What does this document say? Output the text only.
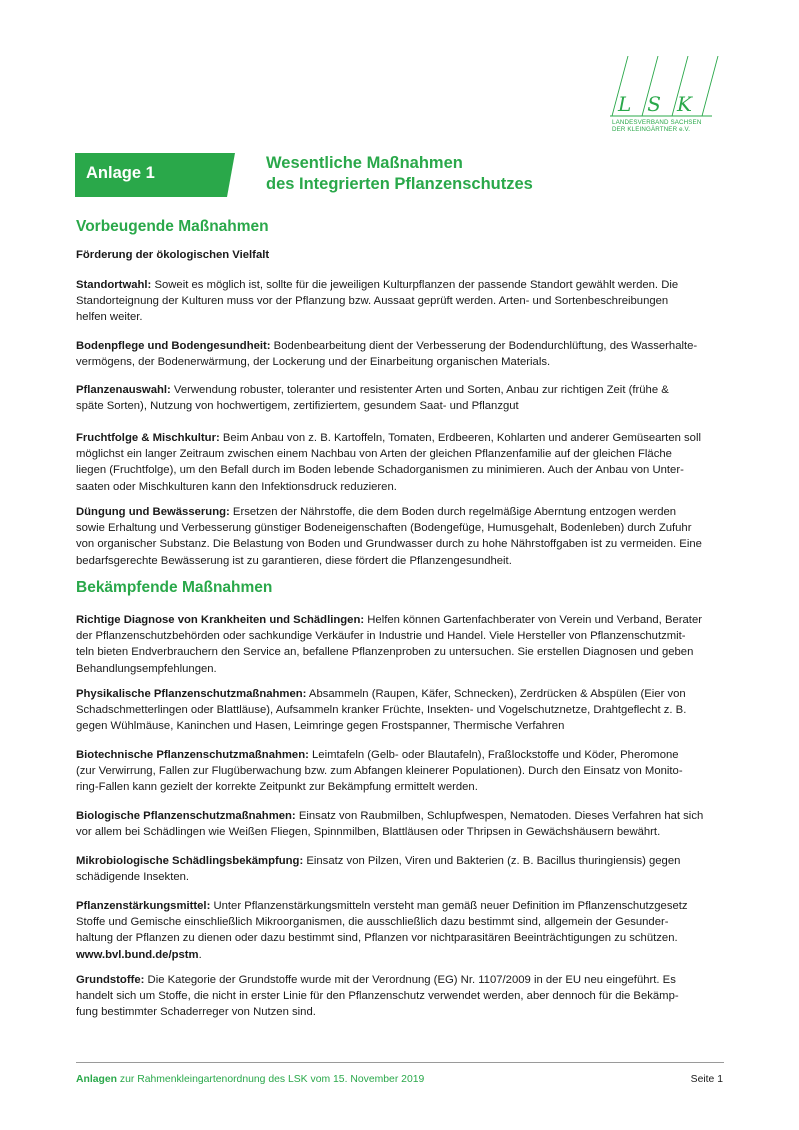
LSK
LANDESVERBAND SACHSEN
DER KLEINGÄRTNER e.V.
Anlage 1
Wesentliche Maßnahmen
des Integrierten Pflanzenschutzes
Vorbeugende Maßnahmen
Förderung der ökologischen Vielfalt
Standortwahl: Soweit es möglich ist, sollte für die jeweiligen Kulturpflanzen der passende Standort gewählt werden. Die
Standorteignung der Kulturen muss vor der Pflanzung bzw. Aussaat geprüft werden. Arten- und Sortenbeschreibungen
helfen weiter.
Bodenpflege und Bodengesundheit: Bodenbearbeitung dient der Verbesserung der Bodendurchlüftung, des Wasserhalte-
vermögens, der Bodenerwärmung, der Lockerung und der Einarbeitung organischen Materials.
Pflanzenauswahl: Verwendung robuster, toleranter und resistenter Arten und Sorten, Anbau zur richtigen Zeit (frühe &
späte Sorten), Nutzung von hochwertigem, zertifiziertem, gesundem Saat- und Pflanzgut
Fruchtfolge & Mischkultur: Beim Anbau von z. B. Kartoffeln, Tomaten, Erdbeeren, Kohlarten und anderer Gemüsearten soll
möglichst ein langer Zeitraum zwischen einem Nachbau von Arten der gleichen Pflanzenfamilie auf der gleichen Fläche
liegen (Fruchtfolge), um den Befall durch im Boden lebende Schadorganismen zu minimieren. Auch der Anbau von Unter-
saaten oder Mischkulturen kann den Infektionsdruck reduzieren.
Düngung und Bewässerung: Ersetzen der Nährstoffe, die dem Boden durch regelmäßige Aberntung entzogen werden
sowie Erhaltung und Verbesserung günstiger Bodeneigenschaften (Bodengefüge, Humusgehalt, Bodenleben) durch Zufuhr
von organischer Substanz. Die Belastung von Boden und Grundwasser durch zu hohe Nährstoffgaben ist zu vermeiden. Eine
bedarfsgerechte Bewässerung ist zu garantieren, diese fördert die Pflanzengesundheit.
Bekämpfende Maßnahmen
Richtige Diagnose von Krankheiten und Schädlingen: Helfen können Gartenfachberater von Verein und Verband, Berater
der Pflanzenschutzbehörden oder sachkundige Verkäufer in Industrie und Handel. Viele Hersteller von Pflanzenschutzmit-
teln bieten Endverbrauchern den Service an, befallene Pflanzenproben zu untersuchen. Sie erstellen Diagnosen und geben
Behandlungsempfehlungen.
Physikalische Pflanzenschutzmaßnahmen: Absammeln (Raupen, Käfer, Schnecken), Zerdrücken & Abspülen (Eier von
Schadschmetterlingen oder Blattläuse), Aufsammeln kranker Früchte, Insekten- und Vogelschutznetze, Drahtgeflecht z. B.
gegen Wühlmäuse, Kaninchen und Hasen, Leimringe gegen Frostspanner, Thermische Verfahren
Biotechnische Pflanzenschutzmaßnahmen: Leimtafeln (Gelb- oder Blautafeln), Fraßlockstoffe und Köder, Pheromone
(zur Verwirrung, Fallen zur Flugüberwachung bzw. zum Abfangen kleinerer Populationen). Durch den Einsatz von Monito-
ring-Fallen kann gezielt der korrekte Zeitpunkt zur Bekämpfung ermittelt werden.
Biologische Pflanzenschutzmaßnahmen: Einsatz von Raubmilben, Schlupfwespen, Nematoden. Dieses Verfahren hat sich
vor allem bei Schädlingen wie Weißen Fliegen, Spinnmilben, Blattläusen oder Thripsen in Gewächshäusern bewährt.
Mikrobiologische Schädlingsbekämpfung: Einsatz von Pilzen, Viren und Bakterien (z. B. Bacillus thuringiensis) gegen
schädigende Insekten.
Pflanzenstärkungsmittel: Unter Pflanzenstärkungsmitteln versteht man gemäß neuer Definition im Pflanzenschutzgesetz
Stoffe und Gemische einschließlich Mikroorganismen, die ausschließlich dazu bestimmt sind, allgemein der Gesunder-
haltung der Pflanzen zu dienen oder dazu bestimmt sind, Pflanzen vor nichtparasitären Beeinträchtigungen zu schützen.
www.bvl.bund.de/pstm.
Grundstoffe: Die Kategorie der Grundstoffe wurde mit der Verordnung (EG) Nr. 1107/2009 in der EU neu eingeführt. Es
handelt sich um Stoffe, die nicht in erster Linie für den Pflanzenschutz verwendet werden, aber dennoch für die Bekämp-
fung bestimmter Schaderreger von Nutzen sind.
Anlagen zur Rahmenkleingartenordnung des LSK vom 15. November 2019	Seite 1
